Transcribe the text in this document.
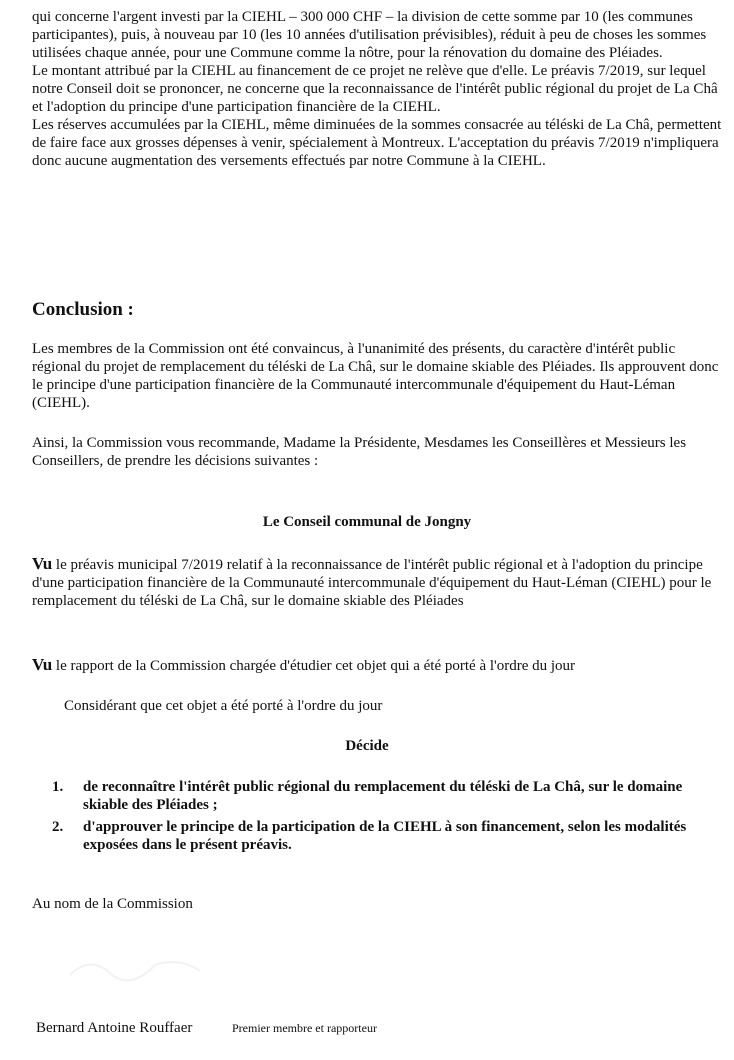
qui concerne l'argent investi par la CIEHL – 300 000 CHF – la division de cette somme par 10 (les communes participantes), puis, à nouveau par 10 (les 10 années d'utilisation prévisibles), réduit à peu de choses les sommes utilisées chaque année, pour une Commune comme la nôtre, pour la rénovation du domaine des Pléiades.

Le montant attribué par la CIEHL au financement de ce projet ne relève que d'elle. Le préavis 7/2019, sur lequel notre Conseil doit se prononcer, ne concerne que la reconnaissance de l'intérêt public régional du projet de La Châ et l'adoption du principe d'une participation financière de la CIEHL.

Les réserves accumulées par la CIEHL, même diminuées de la sommes consacrée au téléski de La Châ, permettent de faire face aux grosses dépenses à venir, spécialement à Montreux. L'acceptation du préavis 7/2019 n'impliquera donc aucune augmentation des versements effectués par notre Commune à la CIEHL.

Conclusion :
Les membres de la Commission ont été convaincus, à l'unanimité des présents, du caractère d'intérêt public régional du projet de remplacement du téléski de La Châ, sur le domaine skiable des Pléiades. Ils approuvent donc le principe d'une participation financière de la Communauté intercommunale d'équipement du Haut-Léman (CIEHL).
Ainsi, la Commission vous recommande, Madame la Présidente, Mesdames les Conseillères et Messieurs les Conseillers, de prendre les décisions suivantes :
Le Conseil communal de Jongny
Vu le préavis municipal 7/2019 relatif à la reconnaissance de l'intérêt public régional et à l'adoption du principe d'une participation financière de la Communauté intercommunale d'équipement du Haut-Léman (CIEHL) pour le remplacement du téléski de La Châ, sur le domaine skiable des Pléiades
Vu le rapport de la Commission chargée d'étudier cet objet qui a été porté à l'ordre du jour
Considérant que cet objet a été porté à l'ordre du jour
Décide
1.	de reconnaître l'intérêt public régional du remplacement du téléski de La Châ, sur le domaine skiable des Pléiades ;
2.	d'approuver le principe de la participation de la CIEHL à son financement, selon les modalités exposées dans le présent préavis.
Au nom de la Commission
Bernard Antoine Rouffaer	Premier membre et rapporteur
